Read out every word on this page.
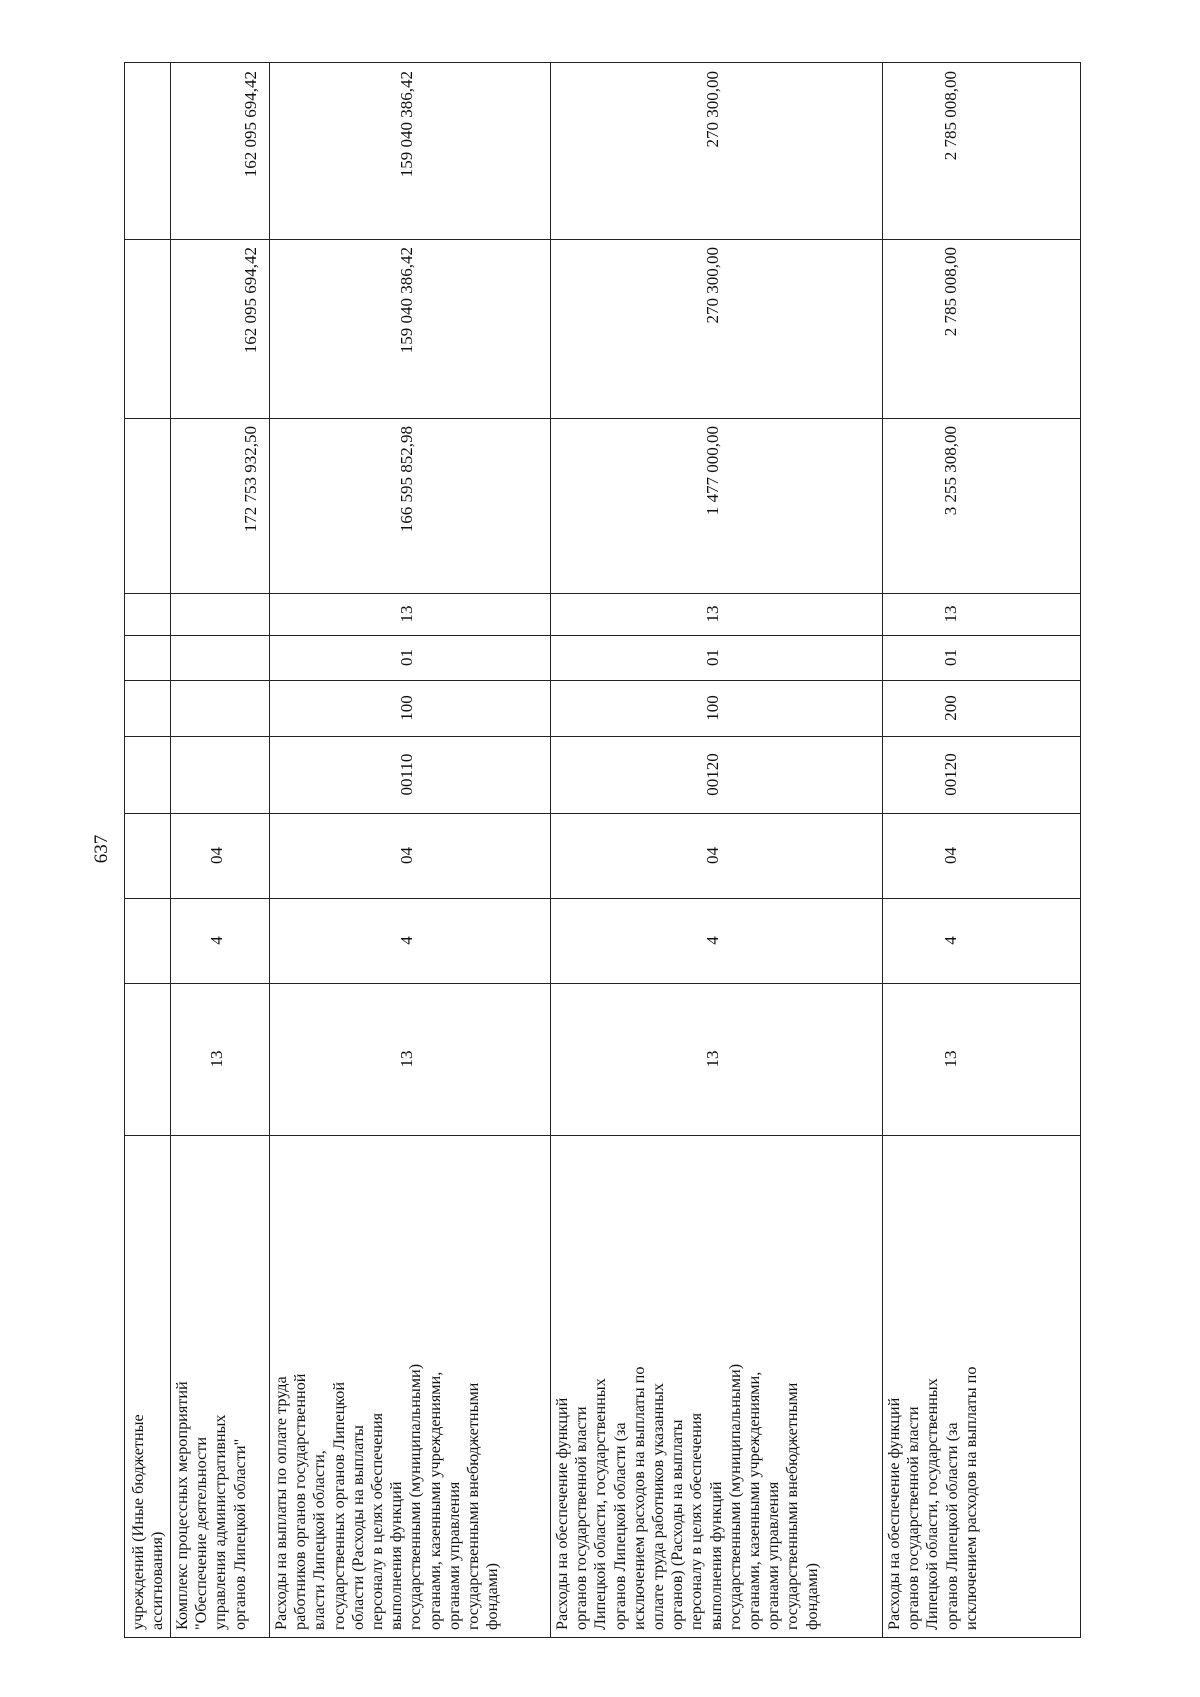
637
учреждений (Иные бюджетные
ассигнования) Комплекс процессных мероприятий
"Обеспечение деятельности
управления административных
органов Липецкой области"
13
4
04
172 753 932,50
162 095 694,42
162 095 694,42
Расходы на выплаты по оплате труда
работников органов государственной
власти Липецкой области,
государственных органов Липецкой
области (Расходы на выплаты
персоналу в целях обеспечения
выполнения функций
государственными (муниципальными)
органами, казенными учреждениями,
органами управления
государственными внебюджетными
фондами)
13
4
04
00110
100
01
13
166 595 852,98
159 040 386,42
159 040 386,42
Расходы на обеспечение функций
органов государственной власти
Липецкой области, государственных
органов Липецкой области (за
исключением расходов на выплаты по
оплате труда работников указанных
органов) (Расходы на выплаты
персоналу в целях обеспечения
выполнения функций
государственными (муниципальными)
органами, казенными учреждениями,
органами управления
государственными внебюджетными
фондами)
13
4
04
00120
100
01
13
1 477 000,00
270 300,00
270 300,00
Расходы на обеспечение функций
органов государственной власти
Липецкой области, государственных
органов Липецкой области (за
исключением расходов на выплаты по
13
4
04
00120
200
01
13
3 255 308,00
2 785 008,00
2 785 008,00
